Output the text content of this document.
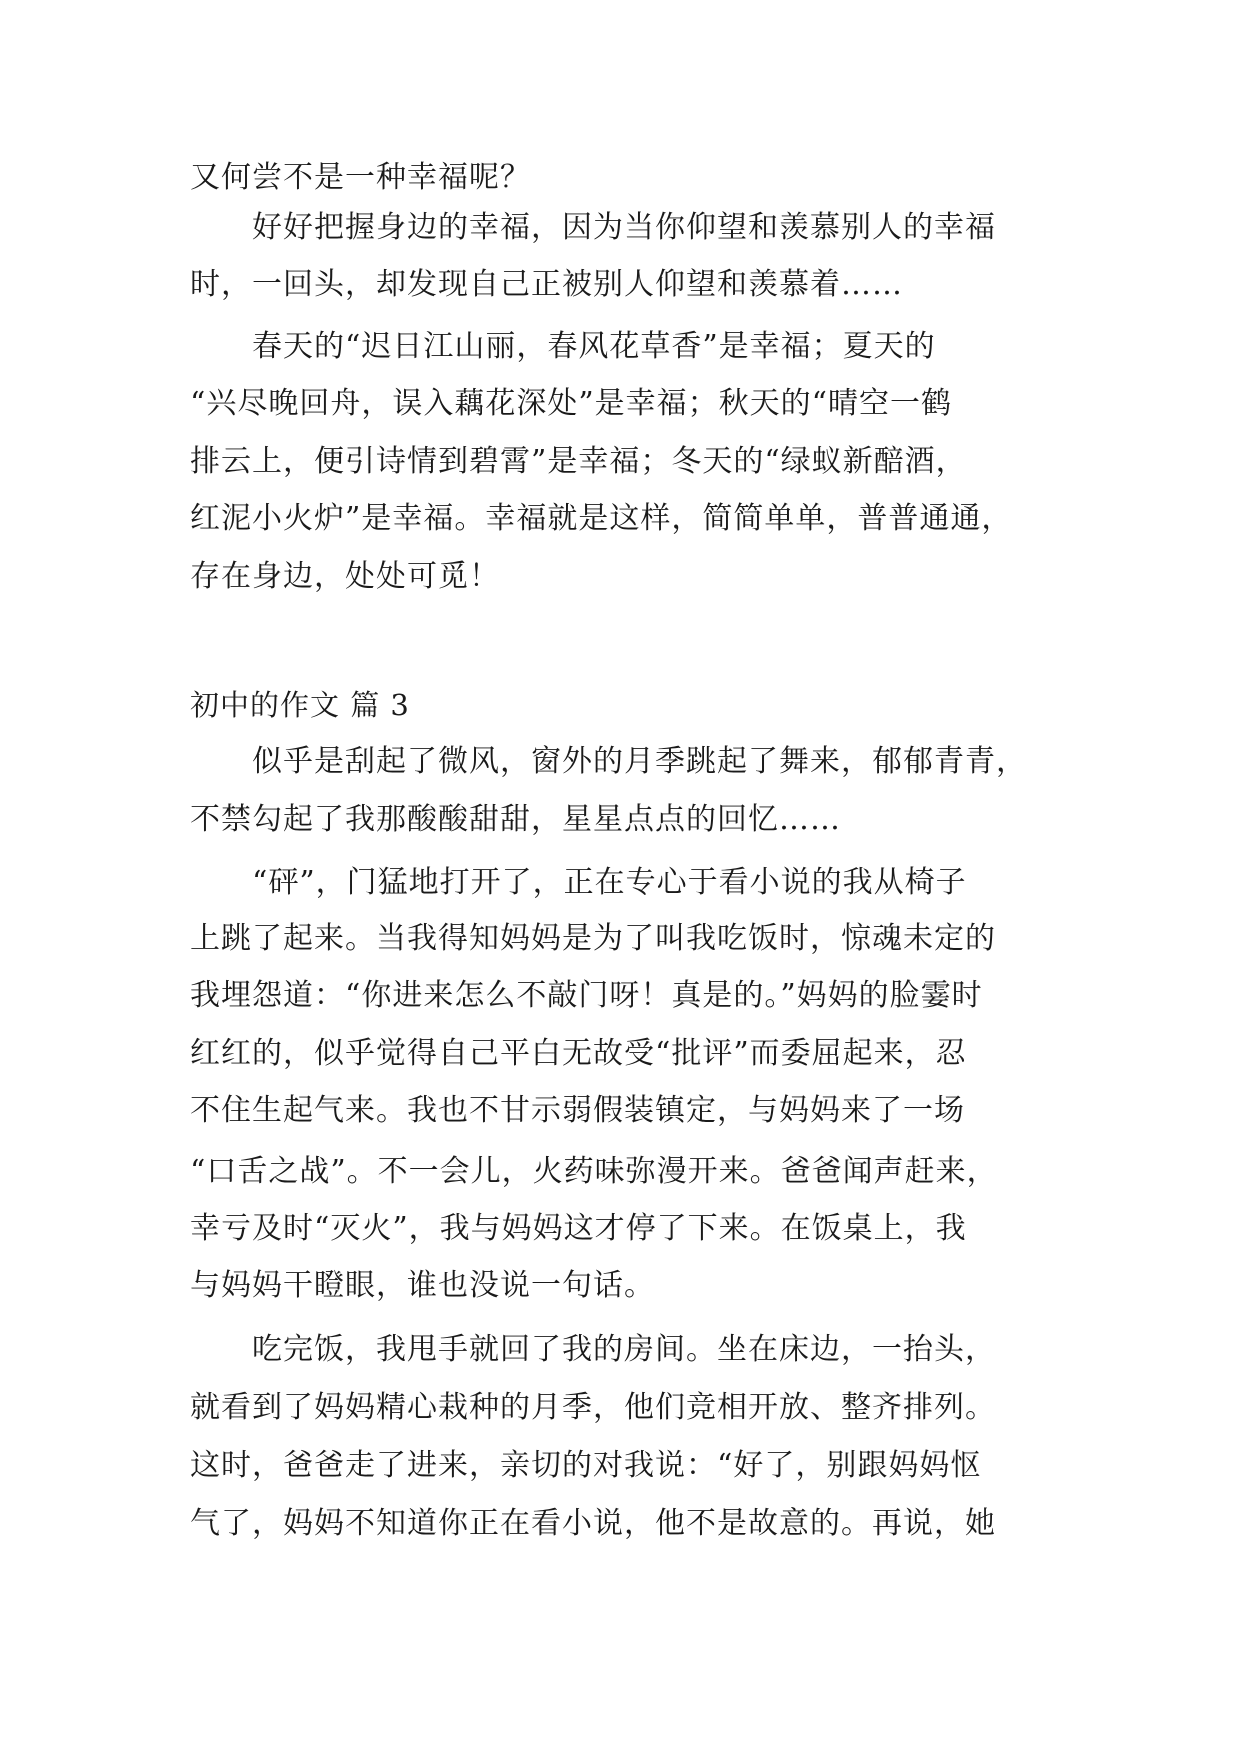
又何尝不是一种幸福呢？
好好把握身边的幸福，因为当你仰望和羡慕别人的幸福
时，一回头，却发现自己正被别人仰望和羡慕着……
春天的“迟日江山丽，春风花草香”是幸福；夏天的
“兴尽晚回舟，误入藕花深处”是幸福；秋天的“晴空一鹤
排云上，便引诗情到碧霄”是幸福；冬天的“绿蚁新醅酒，
红泥小火炉”是幸福。幸福就是这样，简简单单，普普通通，
存在身边，处处可觅！
初中的作文 篇 3
似乎是刮起了微风，窗外的月季跳起了舞来，郁郁青青，
不禁勾起了我那酸酸甜甜，星星点点的回忆……
“砰”，门猛地打开了，正在专心于看小说的我从椅子
上跳了起来。当我得知妈妈是为了叫我吃饭时，惊魂未定的
我埋怨道：“你进来怎么不敲门呀！真是的。”妈妈的脸霎时
红红的，似乎觉得自己平白无故受“批评”而委屈起来，忍
不住生起气来。我也不甘示弱假装镇定，与妈妈来了一场
“口舌之战”。不一会儿，火药味弥漫开来。爸爸闻声赶来，
幸亏及时“灭火”，我与妈妈这才停了下来。在饭桌上，我
与妈妈干瞪眼，谁也没说一句话。
吃完饭，我甩手就回了我的房间。坐在床边，一抬头，
就看到了妈妈精心栽种的月季，他们竞相开放、整齐排列。
这时，爸爸走了进来，亲切的对我说：“好了，别跟妈妈怄
气了，妈妈不知道你正在看小说，他不是故意的。再说，她
